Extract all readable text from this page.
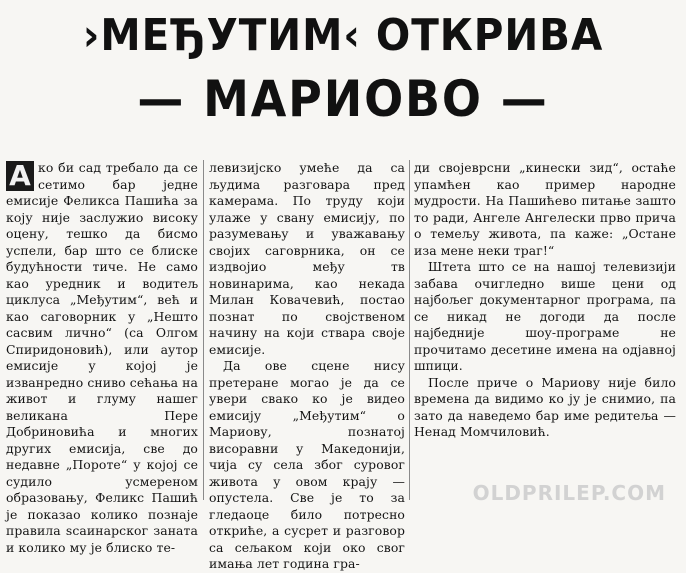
›МЕЂУТИМ‹ ОТКРИВА
— МАРИОВО —

А ко би сад требало да се сетимо бар једне емисије Феликса Пашића за коју није заслужио високу оцену, тешко да бисмо успели, бар што се блиске будућности тиче. Не само као уредник и водитељ циклуса „Међутим“, већ и као саговорник у „Нешто сасвим лично“ (са Олгом Спиридоновић), или аутор емисије у којој је изванредно сниво сећања на живот и глуму нашег великана Пере Добриновића и многих других емисија, све до недавне „Пороте“ у којој се судило усмереном образовању, Феликс Пашић је показао колико познаје правила ѕсаинарског заната и колико му је блиско те-

левизијско умеће да са људима разговара пред камерама. По труду који улаже у свану емисију, по разумевању и уважавању својих саговрника, он се издвојио међу тв новинарима, као некада Милан Ковачевић, постао познат по својственом начину на који ствара своје емисије.

Да ове сцене нису претеране могао је да се увери свако ко је видео емисију „Међутим“ о Мариову, познатој висоравни у Македонији, чија су села због суровог живота у овом крају — опустела. Све је то за гледаоце било потресно откриће, а сусрет и разговор са сељаком који око свог имања лет година гра-

ди својеврсни „кинески зид“, остаће упамћен као пример народне мудрости. На Пашићево питање зашто то ради, Ангеле Ангелески прво прича о темељу живота, па каже: „Остане иза мене неки траг!“

Штета што се на нашој телевизији забава очигледно више цени од најбољег документарног програма, па се никад не догоди да после најбедније шоу-програме не прочитамо десетине имена на одјавној шпици.

После приче о Мариову није било времена да видимо ко ју је снимио, па зато да наведемо бар име редитеља — Ненад Момчиловић.

OLDPRILEP.COM
